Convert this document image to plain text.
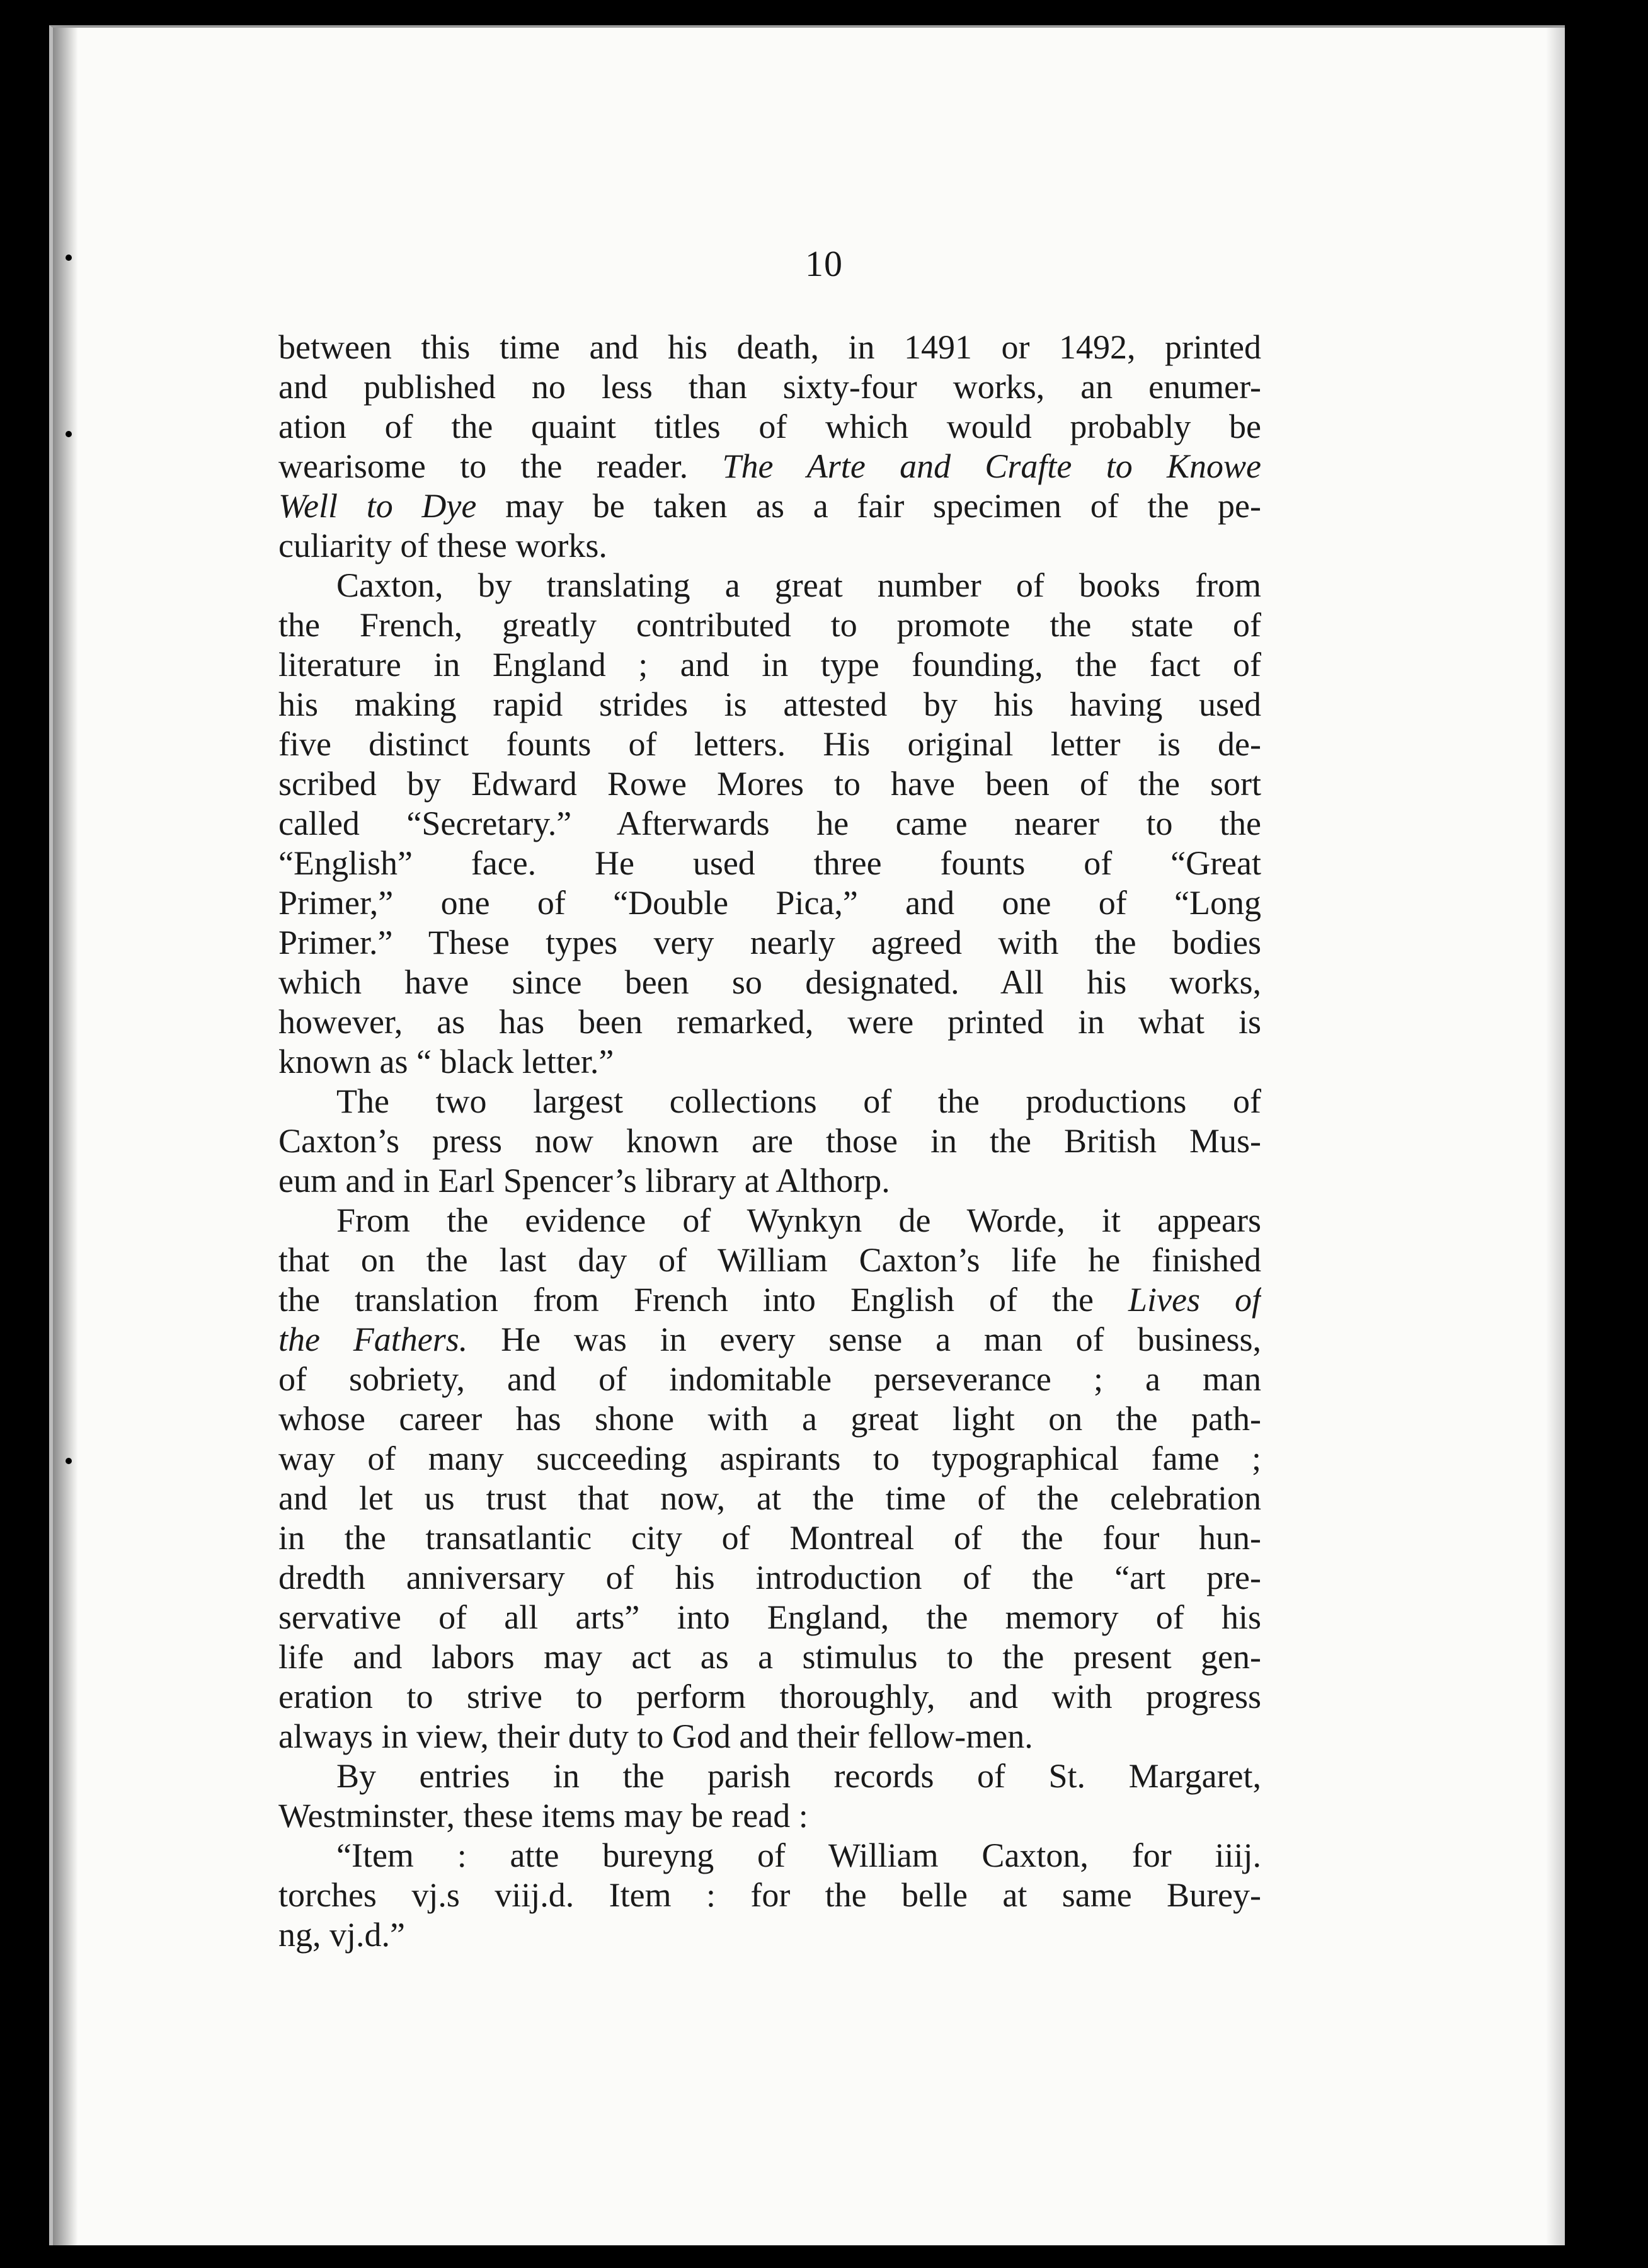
10
between this time and his death, in 1491 or 1492, printed
and published no less than sixty-four works, an enumer-
ation of the quaint titles of which would probably be
wearisome to the reader. The Arte and Crafte to Knowe
Well to Dye may be taken as a fair specimen of the pe-
culiarity of these works.
Caxton, by translating a great number of books from
the French, greatly contributed to promote the state of
literature in England ; and in type founding, the fact of
his making rapid strides is attested by his having used
five distinct founts of letters. His original letter is de-
scribed by Edward Rowe Mores to have been of the sort
called “Secretary.” Afterwards he came nearer to the
“English” face. He used three founts of “Great
Primer,” one of “Double Pica,” and one of “Long
Primer.” These types very nearly agreed with the bodies
which have since been so designated. All his works,
however, as has been remarked, were printed in what is
known as “ black letter.”
The two largest collections of the productions of
Caxton’s press now known are those in the British Mus-
eum and in Earl Spencer’s library at Althorp.
From the evidence of Wynkyn de Worde, it appears
that on the last day of William Caxton’s life he finished
the translation from French into English of the Lives of
the Fathers. He was in every sense a man of business,
of sobriety, and of indomitable perseverance ; a man
whose career has shone with a great light on the path-
way of many succeeding aspirants to typographical fame ;
and let us trust that now, at the time of the celebration
in the transatlantic city of Montreal of the four hun-
dredth anniversary of his introduction of the “art pre-
servative of all arts” into England, the memory of his
life and labors may act as a stimulus to the present gen-
eration to strive to perform thoroughly, and with progress
always in view, their duty to God and their fellow-men.
By entries in the parish records of St. Margaret,
Westminster, these items may be read :
“Item : atte bureyng of William Caxton, for iiij.
torches vj.s viij.d. Item : for the belle at same Burey-
ng, vj.d.”
